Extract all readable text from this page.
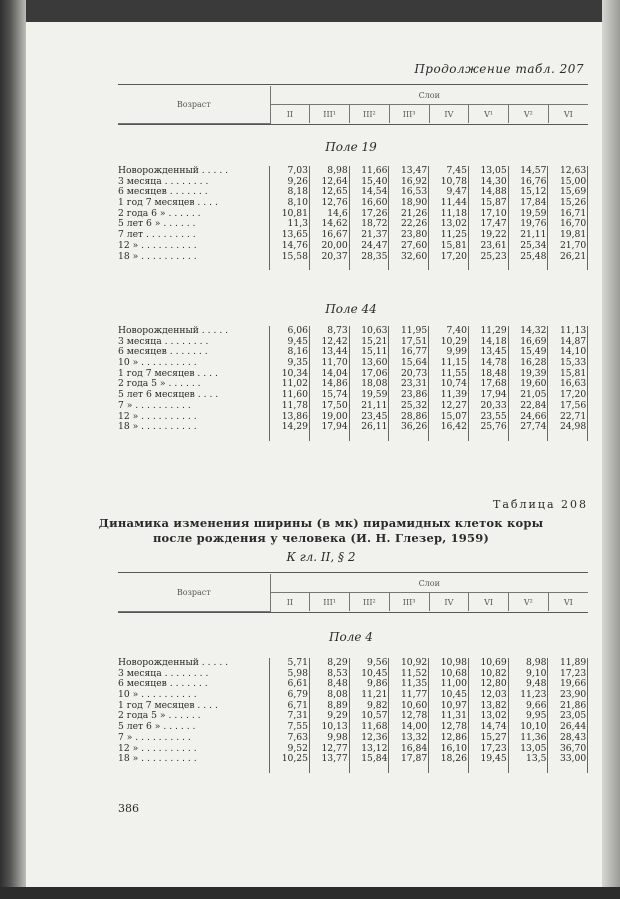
Продолжение табл. 207
Возраст	Слои							
	II	III¹	III²	III³	IV	V¹	V²	VI
Поле 19
Новорожденный . . . . .	7,03	8,98	11,66	13,47	7,45	13,05	14,57	12,63
3 месяца . . . . . . . .	9,26	12,64	15,40	16,92	10,78	14,30	16,76	15,00
6 месяцев . . . . . . .	8,18	12,65	14,54	16,53	9,47	14,88	15,12	15,69
1 год 7 месяцев . . . .	8,10	12,76	16,60	18,90	11,44	15,87	17,84	15,26
2 года 6 » . . . . . .	10,81	14,6	17,26	21,26	11,18	17,10	19,59	16,71
5 лет 6 » . . . . . .	11,3	14,62	18,72	22,26	13,02	17,47	19,76	16,70
7 лет . . . . . . . . .	13,65	16,67	21,37	23,80	11,25	19,22	21,11	19,81
12 » . . . . . . . . . .	14,76	20,00	24,47	27,60	15,81	23,61	25,34	21,70
18 » . . . . . . . . . .	15,58	20,37	28,35	32,60	17,20	25,23	25,48	26,21
Поле 44
Новорожденный . . . . .	6,06	8,73	10,63	11,95	7,40	11,29	14,32	11,13
3 месяца . . . . . . . .	9,45	12,42	15,21	17,51	10,29	14,18	16,69	14,87
6 месяцев . . . . . . .	8,16	13,44	15,11	16,77	9,99	13,45	15,49	14,10
10 » . . . . . . . . . .	9,35	11,70	13,60	15,64	11,15	14,78	16,28	15,33
1 год 7 месяцев . . . .	10,34	14,04	17,06	20,73	11,55	18,48	19,39	15,81
2 года 5 » . . . . . .	11,02	14,86	18,08	23,31	10,74	17,68	19,60	16,63
5 лет 6 месяцев . . . .	11,60	15,74	19,59	23,86	11,39	17,94	21,05	17,20
7 » . . . . . . . . . .	11,78	17,50	21,11	25,32	12,27	20,33	22,84	17,56
12 » . . . . . . . . . .	13,86	19,00	23,45	28,86	15,07	23,55	24,66	22,71
18 » . . . . . . . . . .	14,29	17,94	26,11	36,26	16,42	25,76	27,74	24,98
Таблица 208
Динамика изменения ширины (в мк) пирамидных клеток коры
после рождения у человека (И. Н. Глезер, 1959)
К гл. II, § 2
Возраст	Слои							
	II	III¹	III²	III³	IV	VI	V²	VI
Поле 4
Новорожденный . . . . .	5,71	8,29	9,56	10,92	10,98	10,69	8,98	11,89
3 месяца . . . . . . . .	5,98	8,53	10,45	11,52	10,68	10,82	9,10	17,23
6 месяцев . . . . . . .	6,61	8,48	9,86	11,35	11,00	12,80	9,48	19,66
10 » . . . . . . . . . .	6,79	8,08	11,21	11,77	10,45	12,03	11,23	23,90
1 год 7 месяцев . . . .	6,71	8,89	9,82	10,60	10,97	13,82	9,66	21,86
2 года 5 » . . . . . .	7,31	9,29	10,57	12,78	11,31	13,02	9,95	23,05
5 лет 6 » . . . . . .	7,55	10,13	11,68	14,00	12,78	14,74	10,10	26,44
7 » . . . . . . . . . .	7,63	9,98	12,36	13,32	12,86	15,27	11,36	28,43
12 » . . . . . . . . . .	9,52	12,77	13,12	16,84	16,10	17,23	13,05	36,70
18 » . . . . . . . . . .	10,25	13,77	15,84	17,87	18,26	19,45	13,5	33,00
386
